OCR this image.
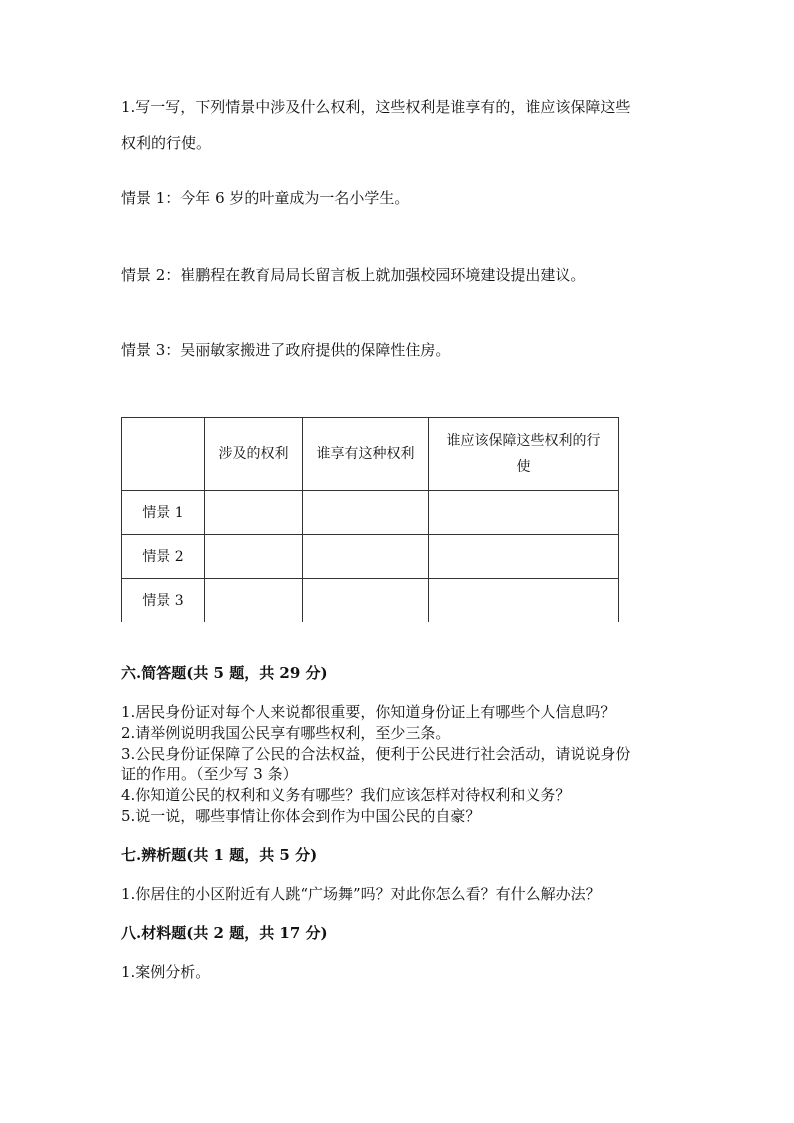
1.写一写，下列情景中涉及什么权利，这些权利是谁享有的，谁应该保障这些
权利的行使。
情景 1：今年 6 岁的叶童成为一名小学生。
情景 2：崔鹏程在教育局局长留言板上就加强校园环境建设提出建议。
情景 3：吴丽敏家搬进了政府提供的保障性住房。
	涉及的权利	谁享有这种权利	谁应该保障这些权利的行使
情景 1			
情景 2			
情景 3			
六.简答题(共 5 题，共 29 分)
1.居民身份证对每个人来说都很重要，你知道身份证上有哪些个人信息吗？
2.请举例说明我国公民享有哪些权利，至少三条。
3.公民身份证保障了公民的合法权益，便利于公民进行社会活动，请说说身份
证的作用。（至少写 3 条）
4.你知道公民的权利和义务有哪些？我们应该怎样对待权利和义务？
5.说一说，哪些事情让你体会到作为中国公民的自豪？
七.辨析题(共 1 题，共 5 分)
1.你居住的小区附近有人跳“广场舞”吗？对此你怎么看？有什么解办法？
八.材料题(共 2 题，共 17 分)
1.案例分析。
